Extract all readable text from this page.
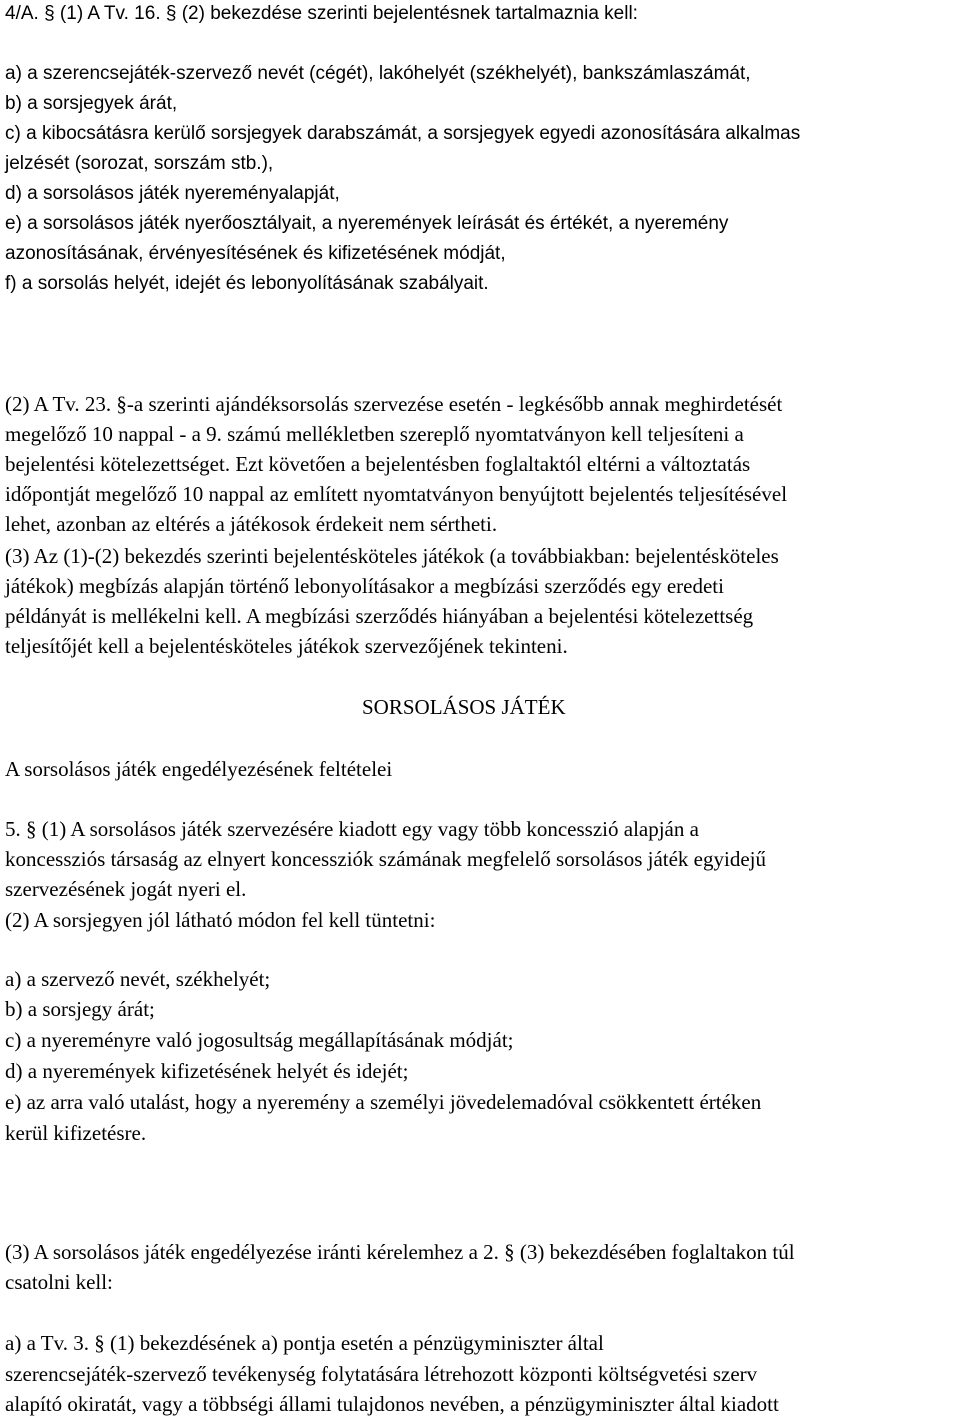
4/A. § (1) A Tv. 16. § (2) bekezdése szerinti bejelentésnek tartalmaznia kell:
a) a szerencsejáték-szervező nevét (cégét), lakóhelyét (székhelyét), bankszámlaszámát,
b) a sorsjegyek árát,
c) a kibocsátásra kerülő sorsjegyek darabszámát, a sorsjegyek egyedi azonosítására alkalmas
jelzését (sorozat, sorszám stb.),
d) a sorsolásos játék nyereményalapját,
e) a sorsolásos játék nyerőosztályait, a nyeremények leírását és értékét, a nyeremény
azonosításának, érvényesítésének és kifizetésének módját,
f) a sorsolás helyét, idejét és lebonyolításának szabályait.
(2) A Tv. 23. §-a szerinti ajándéksorsolás szervezése esetén - legkésőbb annak meghirdetését
megelőző 10 nappal - a 9. számú mellékletben szereplő nyomtatványon kell teljesíteni a
bejelentési kötelezettséget. Ezt követően a bejelentésben foglaltaktól eltérni a változtatás
időpontját megelőző 10 nappal az említett nyomtatványon benyújtott bejelentés teljesítésével
lehet, azonban az eltérés a játékosok érdekeit nem sértheti.
(3) Az (1)-(2) bekezdés szerinti bejelentésköteles játékok (a továbbiakban: bejelentésköteles
játékok) megbízás alapján történő lebonyolításakor a megbízási szerződés egy eredeti
példányát is mellékelni kell. A megbízási szerződés hiányában a bejelentési kötelezettség
teljesítőjét kell a bejelentésköteles játékok szervezőjének tekinteni.
SORSOLÁSOS JÁTÉK
A sorsolásos játék engedélyezésének feltételei
5. § (1) A sorsolásos játék szervezésére kiadott egy vagy több koncesszió alapján a
koncessziós társaság az elnyert koncessziók számának megfelelő sorsolásos játék egyidejű
szervezésének jogát nyeri el.
(2) A sorsjegyen jól látható módon fel kell tüntetni:
a) a szervező nevét, székhelyét;
b) a sorsjegy árát;
c) a nyereményre való jogosultság megállapításának módját;
d) a nyeremények kifizetésének helyét és idejét;
e) az arra való utalást, hogy a nyeremény a személyi jövedelemadóval csökkentett értéken
kerül kifizetésre.
(3) A sorsolásos játék engedélyezése iránti kérelemhez a 2. § (3) bekezdésében foglaltakon túl
csatolni kell:
a) a Tv. 3. § (1) bekezdésének a) pontja esetén a pénzügyminiszter által
szerencsejáték-szervező tevékenység folytatására létrehozott központi költségvetési szerv
alapító okiratát, vagy a többségi állami tulajdonos nevében, a pénzügyminiszter által kiadott
